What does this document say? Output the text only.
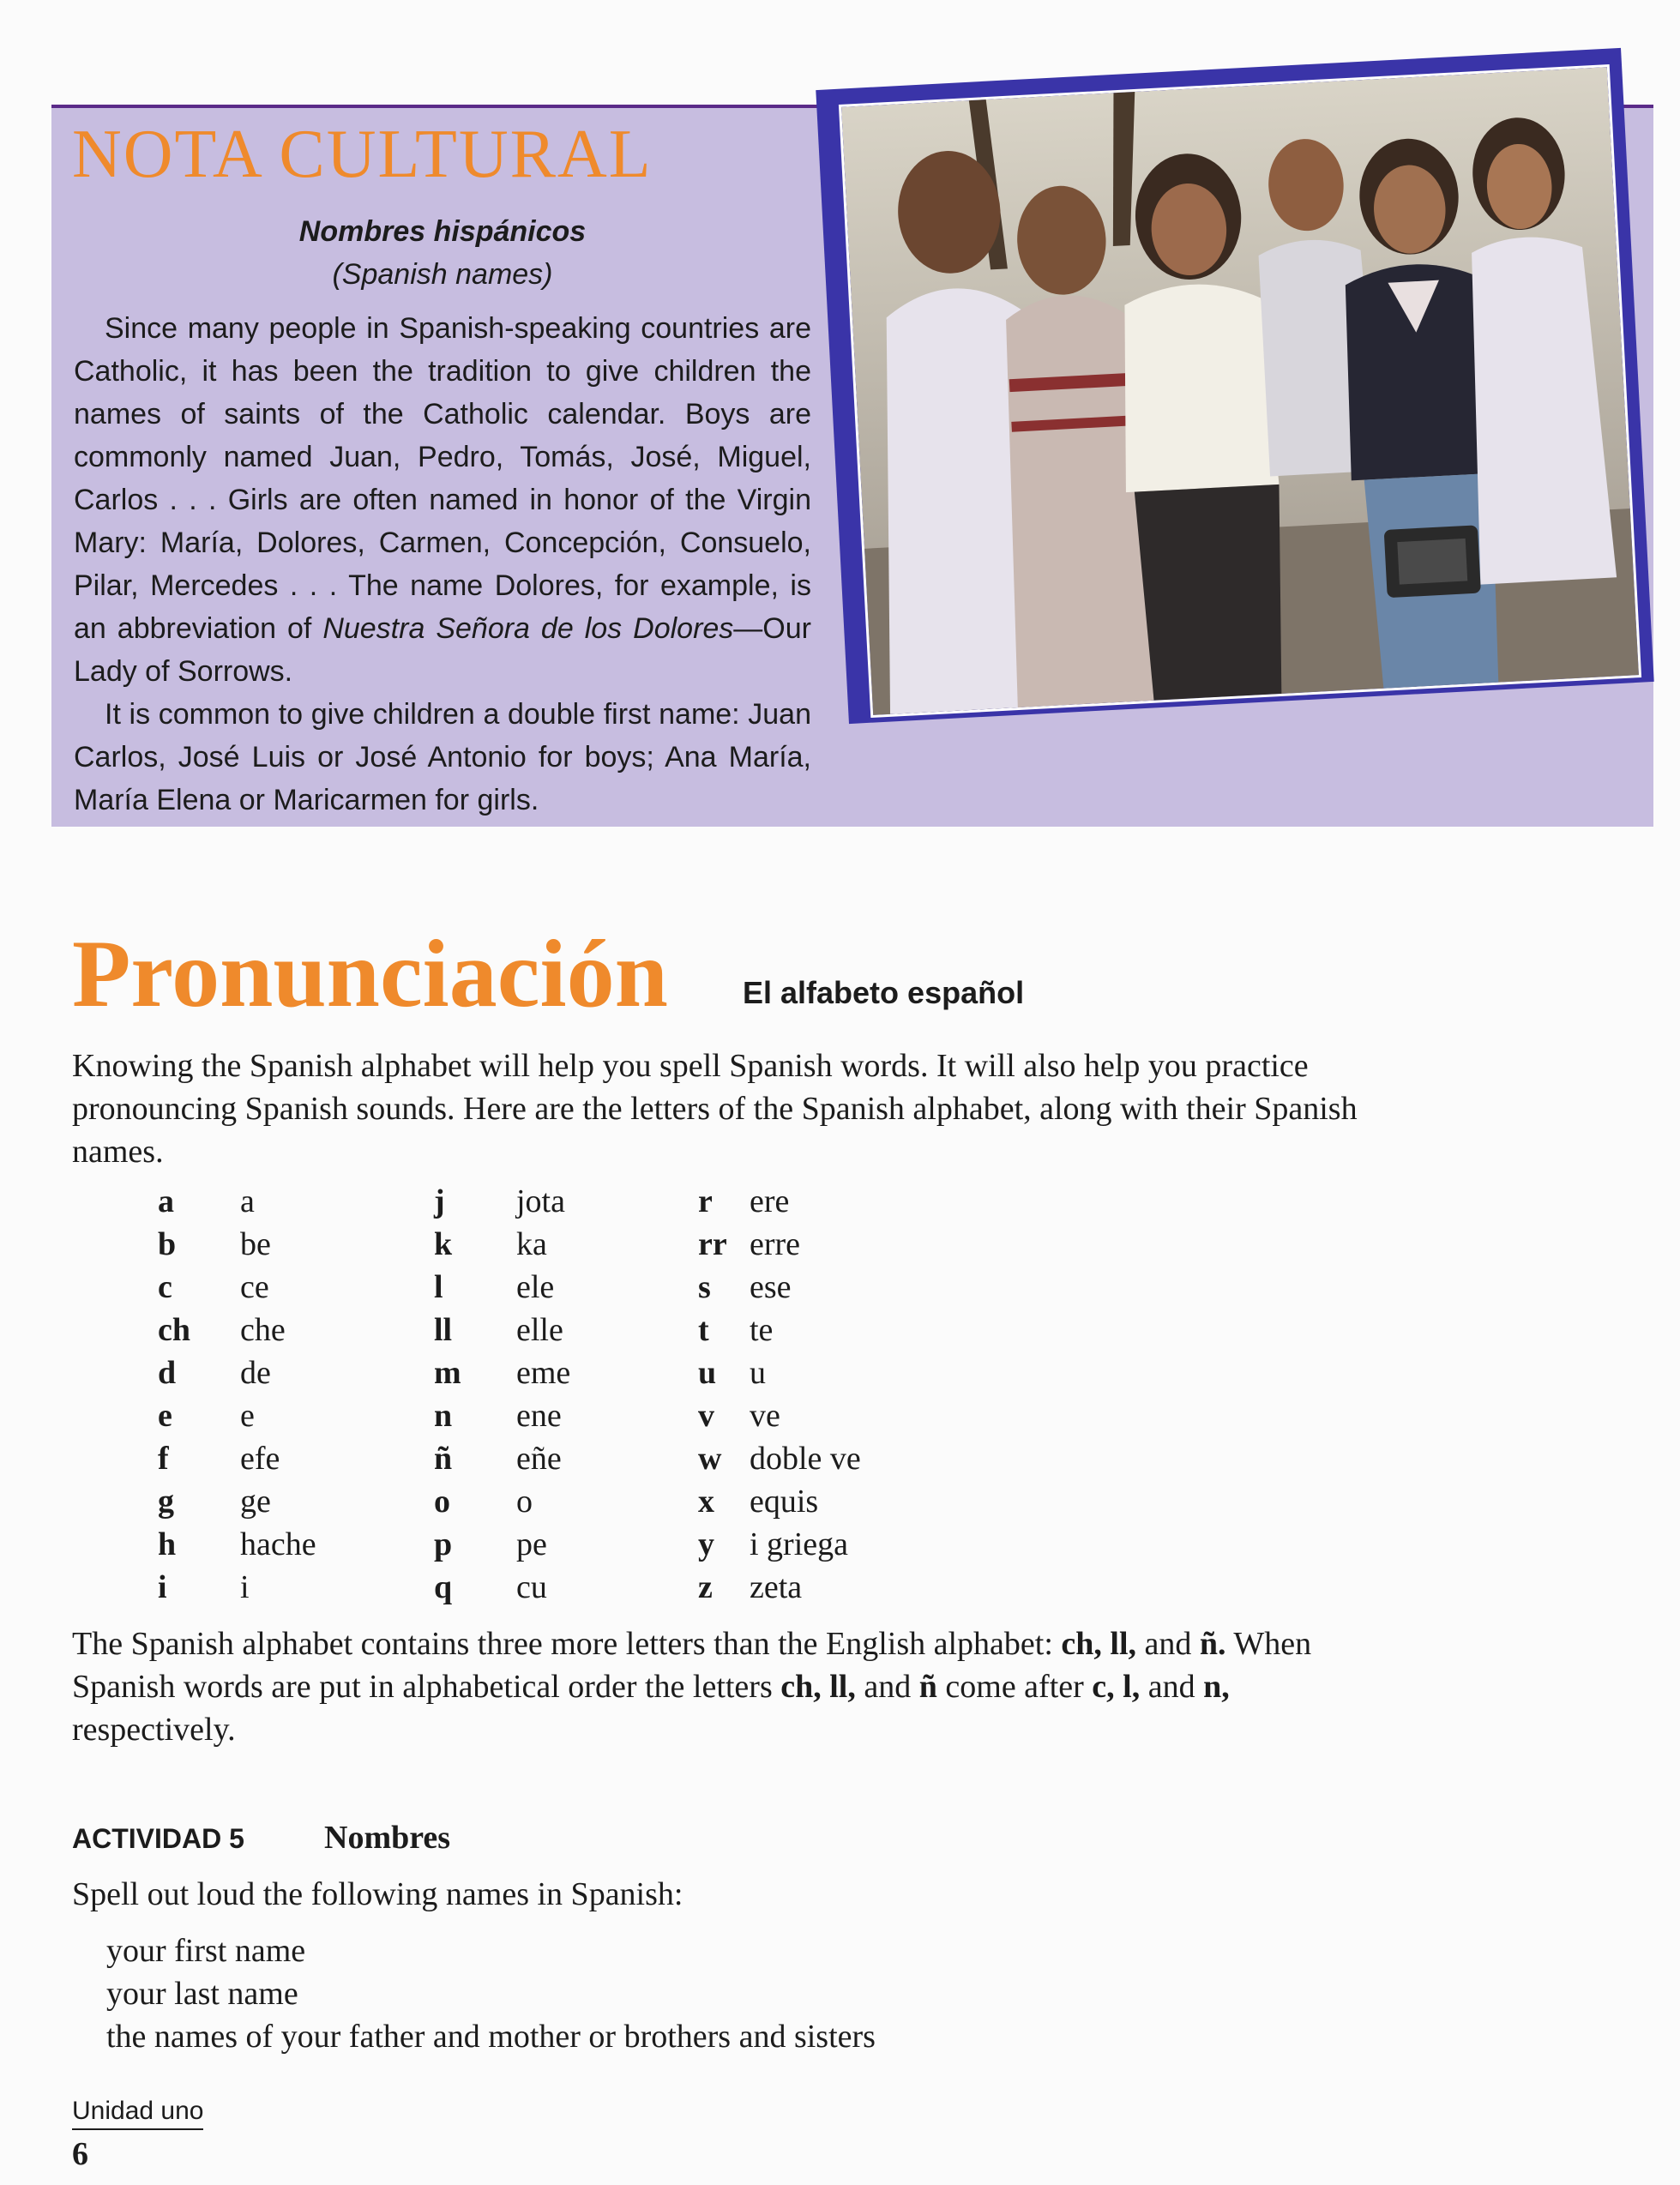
NOTA CULTURAL
Nombres hispánicos
(Spanish names)

Since many people in Spanish-speaking countries are Catholic, it has been the tradition to give children the names of saints of the Catholic calendar. Boys are commonly named Juan, Pedro, Tomás, José, Miguel, Carlos . . . Girls are often named in honor of the Virgin Mary: María, Dolores, Carmen, Concepción, Consuelo, Pilar, Mercedes . . . The name Dolores, for example, is an abbreviation of Nuestra Señora de los Dolores—Our Lady of Sorrows.

It is common to give children a double first name: Juan Carlos, José Luis or José Antonio for boys; Ana María, María Elena or Maricarmen for girls.

Pronunciación El alfabeto español
Knowing the Spanish alphabet will help you spell Spanish words. It will also help you practice pronouncing Spanish sounds. Here are the letters of the Spanish alphabet, along with their Spanish names.
a	a
b	be
c	ce
ch	che
d	de
e	e
f	efe
g	ge
h	hache
i	i
j	jota
k	ka
l	ele
ll	elle
m	eme
n	ene
ñ	eñe
o	o
p	pe
q	cu
r	ere
rr erre
s	ese
t	te
u	u
v	ve
w doble ve
x	equis
y	i griega
z	zeta
The Spanish alphabet contains three more letters than the English alphabet: ch, ll, and ñ. When Spanish words are put in alphabetical order the letters ch, ll, and ñ come after c, l, and n, respectively.
ACTIVIDAD 5 Nombres
Spell out loud the following names in Spanish:
your first name
your last name
the names of your father and mother or brothers and sisters
Unidad uno
6
